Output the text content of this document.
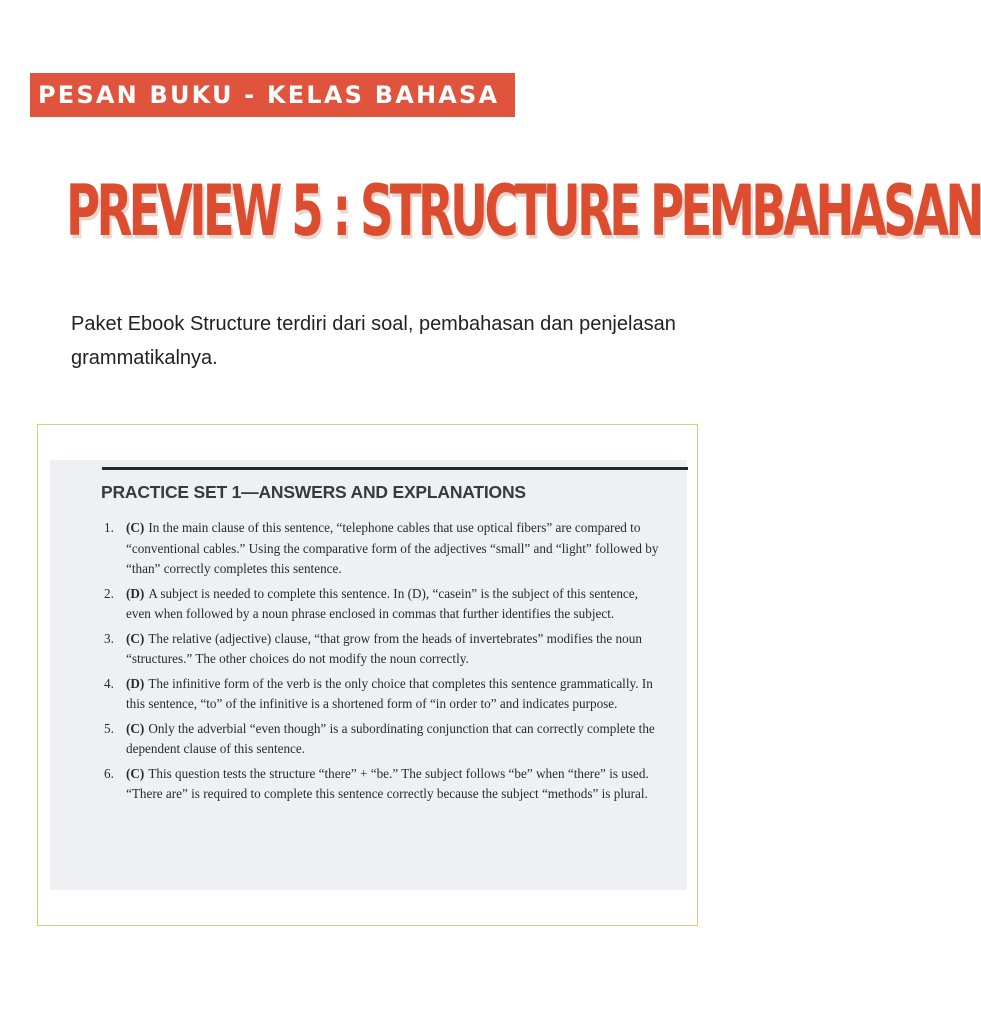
PESAN BUKU - KELAS BAHASA
PREVIEW 5 : STRUCTURE PEMBAHASAN
Paket Ebook Structure terdiri dari soal, pembahasan dan penjelasan grammatikalnya.
PRACTICE SET 1—ANSWERS AND EXPLANATIONS
1. (C) In the main clause of this sentence, “telephone cables that use optical fibers” are compared to “conventional cables.” Using the comparative form of the adjectives “small” and “light” followed by “than” correctly completes this sentence.
2. (D) A subject is needed to complete this sentence. In (D), “casein” is the subject of this sentence, even when followed by a noun phrase enclosed in commas that further identifies the subject.
3. (C) The relative (adjective) clause, “that grow from the heads of invertebrates” modifies the noun “structures.” The other choices do not modify the noun correctly.
4. (D) The infinitive form of the verb is the only choice that completes this sentence grammatically. In this sentence, “to” of the infinitive is a shortened form of “in order to” and indicates purpose.
5. (C) Only the adverbial “even though” is a subordinating conjunction that can correctly complete the dependent clause of this sentence.
6. (C) This question tests the structure “there” + “be.” The subject follows “be” when “there” is used. “There are” is required to complete this sentence correctly because the subject “methods” is plural.
